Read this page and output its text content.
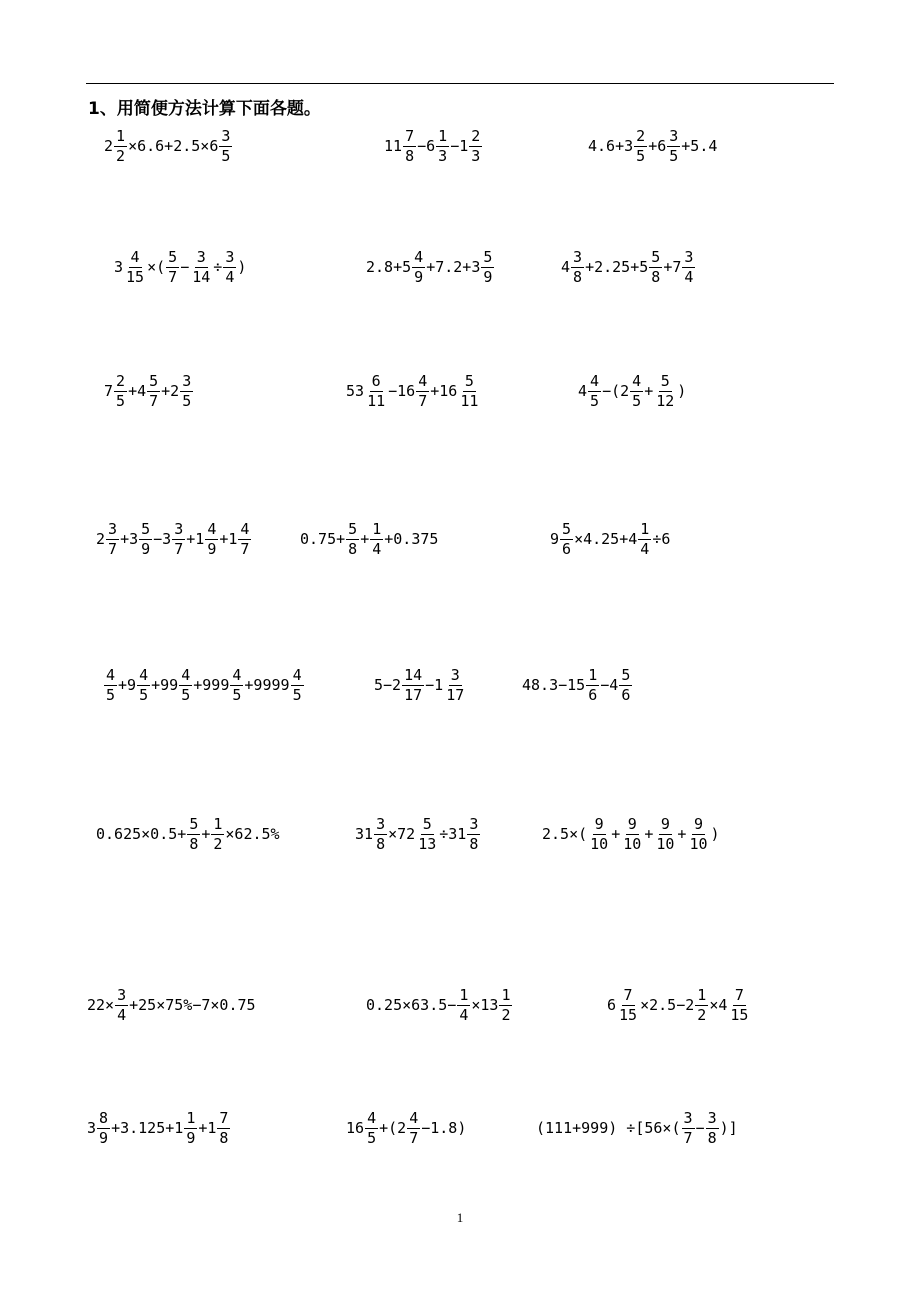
1、用简便方法计算下面各题。
$2 \frac{1}{2} \times 6.6+2.5\times 6 \frac{3}{5}$	$11 \frac{7}{8} -6 \frac{1}{3} -1 \frac{2}{3}$	$4.6+3 \frac{2}{5} +6 \frac{3}{5} +5.4$
$3 \frac{4}{15}$ ×( $\frac{5}{7} - \frac{3}{14} \div \frac{3}{4}$ )	$2.8+5 \frac{4}{9} +7.2+3 \frac{5}{9}$	$4 \frac{3}{8} +2.25+5 \frac{5}{8} +7 \frac{3}{4}$
$7 \frac{2}{5} +4 \frac{5}{7} +2 \frac{3}{5}$	$53 \frac{6}{11} -16 \frac{4}{7} +16 \frac{5}{11}$	$4 \frac{4}{5} -(2 \frac{4}{5} + \frac{5}{12}$ )
$2 \frac{3}{7} +3 \frac{5}{9} -3 \frac{3}{7} +1 \frac{4}{9} +1 \frac{4}{7}$	$0.75+ \frac{5}{8} + \frac{1}{4} +0.375$	$9 \frac{5}{6} \times 4.25+4 \frac{1}{4} \div 6$
$\frac{4}{5} +9 \frac{4}{5} +99 \frac{4}{5} +999 \frac{4}{5} +9999 \frac{4}{5}$	$5-2 \frac{14}{17} -1 \frac{3}{17}$	$48.3-15 \frac{1}{6} -4 \frac{5}{6}$
$0.625\times 0.5+ \frac{5}{8} + \frac{1}{2} \times 62.5\%$	$31 \frac{3}{8} \times 72 \frac{5}{13} \div 31 \frac{3}{8}$	$2.5\times( \frac{9}{10} + \frac{9}{10} + \frac{9}{10} + \frac{9}{10}$ )
$22\times \frac{3}{4} +25\times 75\%-7\times 0.75$	$0.25\times 63.5- \frac{1}{4} \times 13 \frac{1}{2}$	$6 \frac{7}{15} \times 2.5-2 \frac{1}{2} \times 4 \frac{7}{15}$
$3 \frac{8}{9} +3.125+1 \frac{1}{9} +1 \frac{7}{8}$	$16 \frac{4}{5} +(2 \frac{4}{7} -1.8)$	$(111+999) \div[56\times( \frac{3}{7} - \frac{3}{8}$ )]
1
